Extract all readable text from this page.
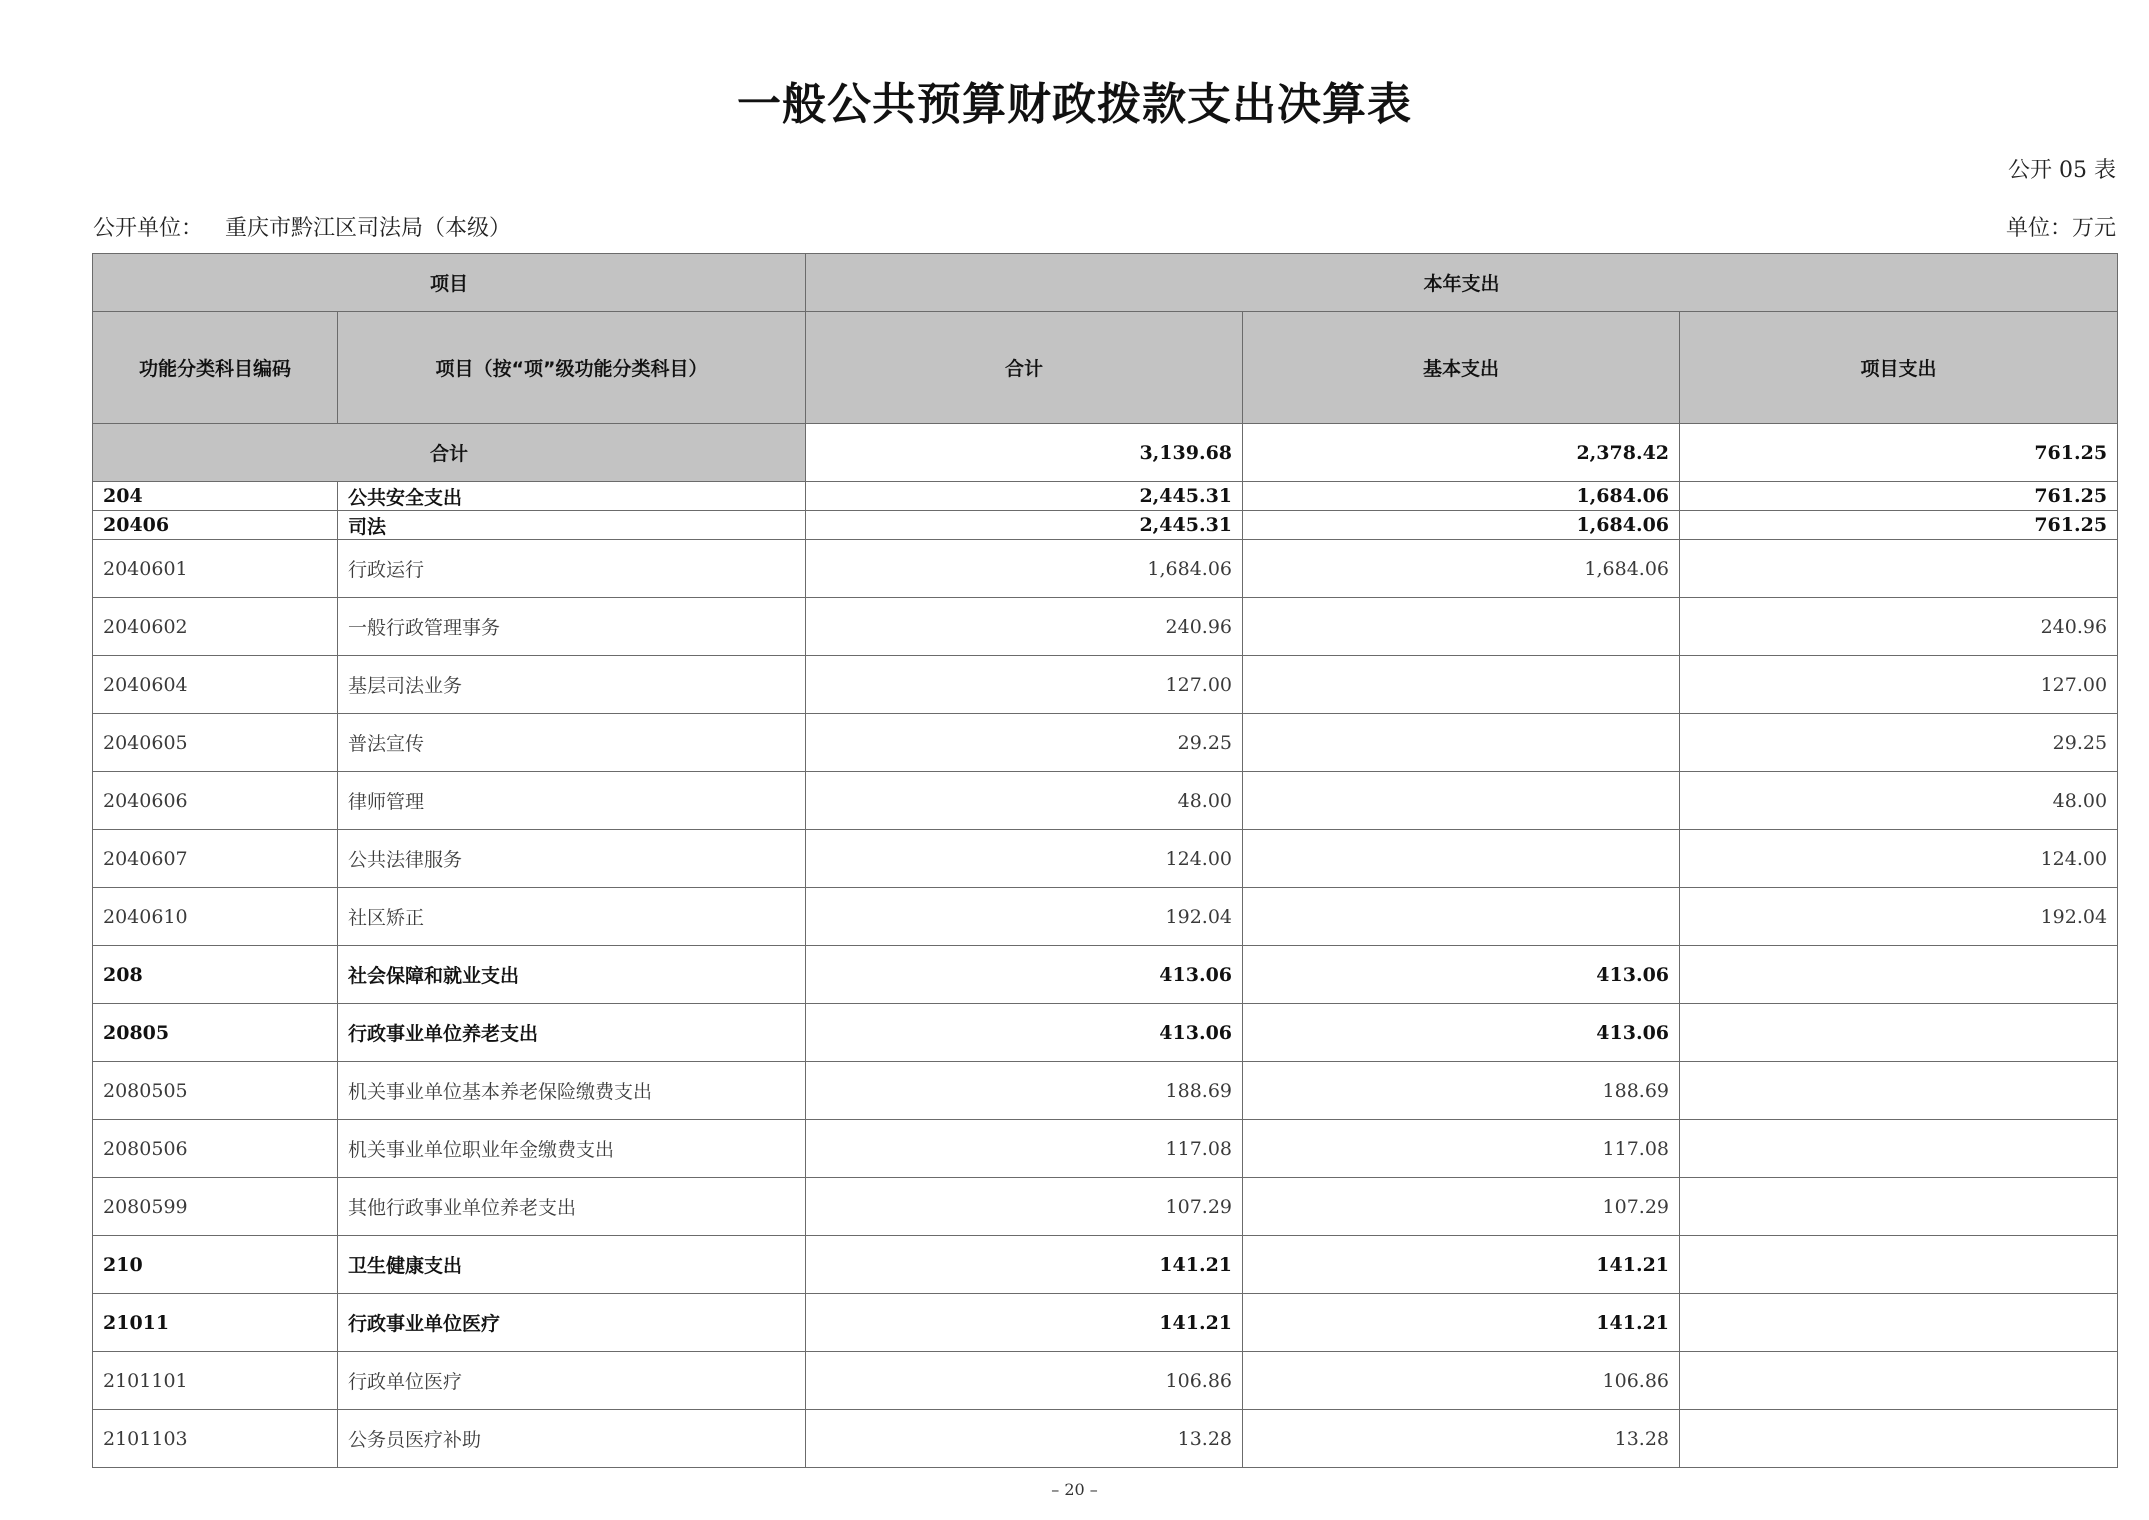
一般公共预算财政拨款支出决算表
公开 05 表
公开单位： 重庆市黔江区司法局（本级）	单位：万元
项目		本年支出		
功能分类科目编码	项目（按“项”级功能分类科目）	合计	基本支出	项目支出
合计		3,139.68	2,378.42	761.25
204	公共安全支出	2,445.31	1,684.06	761.25
20406	司法	2,445.31	1,684.06	761.25
2040601	行政运行	1,684.06	1,684.06	
2040602	一般行政管理事务	240.96		240.96
2040604	基层司法业务	127.00		127.00
2040605	普法宣传	29.25		29.25
2040606	律师管理	48.00		48.00
2040607	公共法律服务	124.00		124.00
2040610	社区矫正	192.04		192.04
208	社会保障和就业支出	413.06	413.06	
20805	行政事业单位养老支出	413.06	413.06	
2080505	机关事业单位基本养老保险缴费支出	188.69	188.69	
2080506	机关事业单位职业年金缴费支出	117.08	117.08	
2080599	其他行政事业单位养老支出	107.29	107.29	
210	卫生健康支出	141.21	141.21	
21011	行政事业单位医疗	141.21	141.21	
2101101	行政单位医疗	106.86	106.86	
2101103	公务员医疗补助	13.28	13.28	
– 20 –
